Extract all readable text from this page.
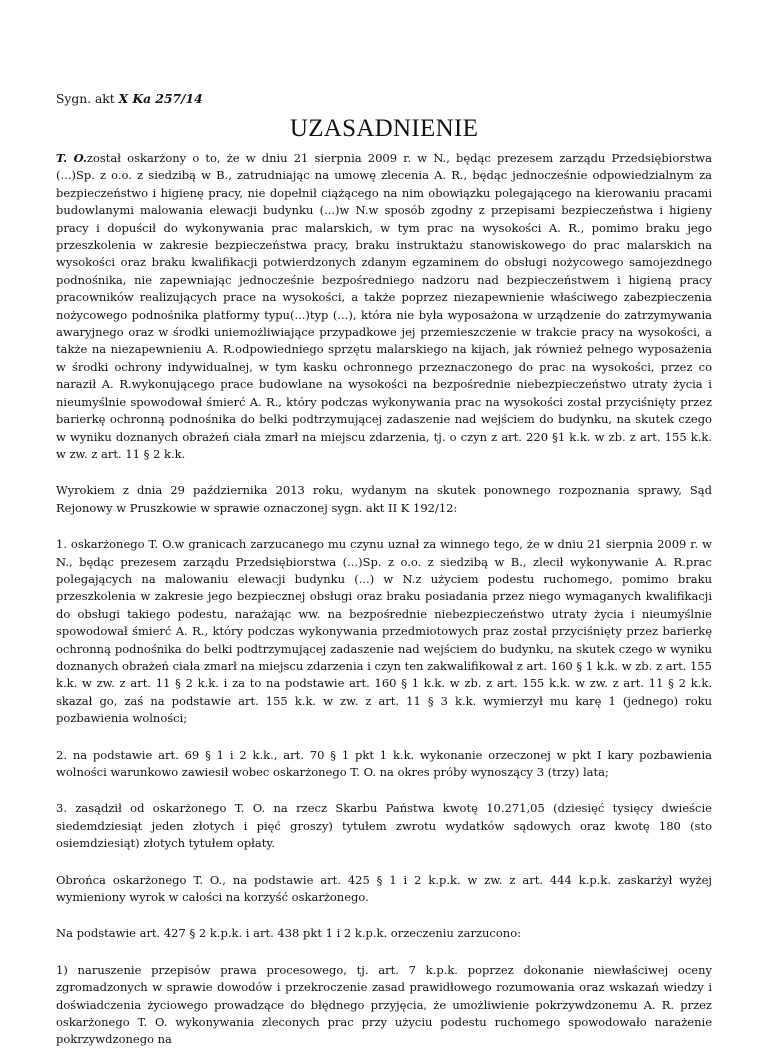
Sygn. akt X Ka 257/14
UZASADNIENIE

T. O.został oskarżony o to, że w dniu 21 sierpnia 2009 r. w N., będąc prezesem zarządu Przedsiębiorstwa (...)Sp. z o.o. z siedzibą w B., zatrudniając na umowę zlecenia A. R., będąc jednocześnie odpowiedzialnym za bezpieczeństwo i higienę pracy, nie dopełnił ciążącego na nim obowiązku polegającego na kierowaniu pracami budowlanymi malowania elewacji budynku (...)w N.w sposób zgodny z przepisami bezpieczeństwa i higieny pracy i dopuścił do wykonywania prac malarskich, w tym prac na wysokości A. R., pomimo braku jego przeszkolenia w zakresie bezpieczeństwa pracy, braku instruktażu stanowiskowego do prac malarskich na wysokości oraz braku kwalifikacji potwierdzonych zdanym egzaminem do obsługi nożycowego samojezdnego podnośnika, nie zapewniając jednocześnie bezpośredniego nadzoru nad bezpieczeństwem i higieną pracy pracowników realizujących prace na wysokości, a także poprzez niezapewnienie właściwego zabezpieczenia nożycowego podnośnika platformy typu(...)typ (...), która nie była wyposażona w urządzenie do zatrzymywania awaryjnego oraz w środki uniemożliwiające przypadkowe jej przemieszczenie w trakcie pracy na wysokości, a także na niezapewnieniu A. R.odpowiedniego sprzętu malarskiego na kijach, jak również pełnego wyposażenia w środki ochrony indywidualnej, w tym kasku ochronnego przeznaczonego do prac na wysokości, przez co naraził A. R.wykonującego prace budowlane na wysokości na bezpośrednie niebezpieczeństwo utraty życia i nieumyślnie spowodował śmierć A. R., który podczas wykonywania prac na wysokości został przyciśnięty przez barierkę ochronną podnośnika do belki podtrzymującej zadaszenie nad wejściem do budynku, na skutek czego w wyniku doznanych obrażeń ciała zmarł na miejscu zdarzenia, tj. o czyn z art. 220 §1 k.k. w zb. z art. 155 k.k. w zw. z art. 11 § 2 k.k.

Wyrokiem z dnia 29 października 2013 roku, wydanym na skutek ponownego rozpoznania sprawy, Sąd Rejonowy w Pruszkowie w sprawie oznaczonej sygn. akt II K 192/12:

1. oskarżonego T. O.w granicach zarzucanego mu czynu uznał za winnego tego, że w dniu 21 sierpnia 2009 r. w N., będąc prezesem zarządu Przedsiębiorstwa (...)Sp. z o.o. z siedzibą w B., zlecił wykonywanie A. R.prac polegających na malowaniu elewacji budynku (...) w N.z użyciem podestu ruchomego, pomimo braku przeszkolenia w zakresie jego bezpiecznej obsługi oraz braku posiadania przez niego wymaganych kwalifikacji do obsługi takiego podestu, narażając ww. na bezpośrednie niebezpieczeństwo utraty życia i nieumyślnie spowodował śmierć A. R., który podczas wykonywania przedmiotowych praz został przyciśnięty przez barierkę ochronną podnośnika do belki podtrzymującej zadaszenie nad wejściem do budynku, na skutek czego w wyniku doznanych obrażeń ciała zmarł na miejscu zdarzenia i czyn ten zakwalifikował z art. 160 § 1 k.k. w zb. z art. 155 k.k. w zw. z art. 11 § 2 k.k. i za to na podstawie art. 160 § 1 k.k. w zb. z art. 155 k.k. w zw. z art. 11 § 2 k.k. skazał go, zaś na podstawie art. 155 k.k. w zw. z art. 11 § 3 k.k. wymierzył mu karę 1 (jednego) roku pozbawienia wolności;

2. na podstawie art. 69 § 1 i 2 k.k., art. 70 § 1 pkt 1 k.k. wykonanie orzeczonej w pkt I kary pozbawienia wolności warunkowo zawiesił wobec oskarżonego T. O. na okres próby wynoszący 3 (trzy) lata;

3. zasądził od oskarżonego T. O. na rzecz Skarbu Państwa kwotę 10.271,05 (dziesięć tysięcy dwieście siedemdziesiąt jeden złotych i pięć groszy) tytułem zwrotu wydatków sądowych oraz kwotę 180 (sto osiemdziesiąt) złotych tytułem opłaty.

Obrońca oskarżonego T. O., na podstawie art. 425 § 1 i 2 k.p.k. w zw. z art. 444 k.p.k. zaskarżył wyżej wymieniony wyrok w całości na korzyść oskarżonego.

Na podstawie art. 427 § 2 k.p.k. i art. 438 pkt 1 i 2 k.p.k. orzeczeniu zarzucono:

1) naruszenie przepisów prawa procesowego, tj. art. 7 k.p.k. poprzez dokonanie niewłaściwej oceny zgromadzonych w sprawie dowodów i przekroczenie zasad prawidłowego rozumowania oraz wskazań wiedzy i doświadczenia życiowego prowadzące do błędnego przyjęcia, że umożliwienie pokrzywdzonemu A. R. przez oskarżonego T. O. wykonywania zleconych prac przy użyciu podestu ruchomego spowodowało narażenie pokrzywdzonego na
